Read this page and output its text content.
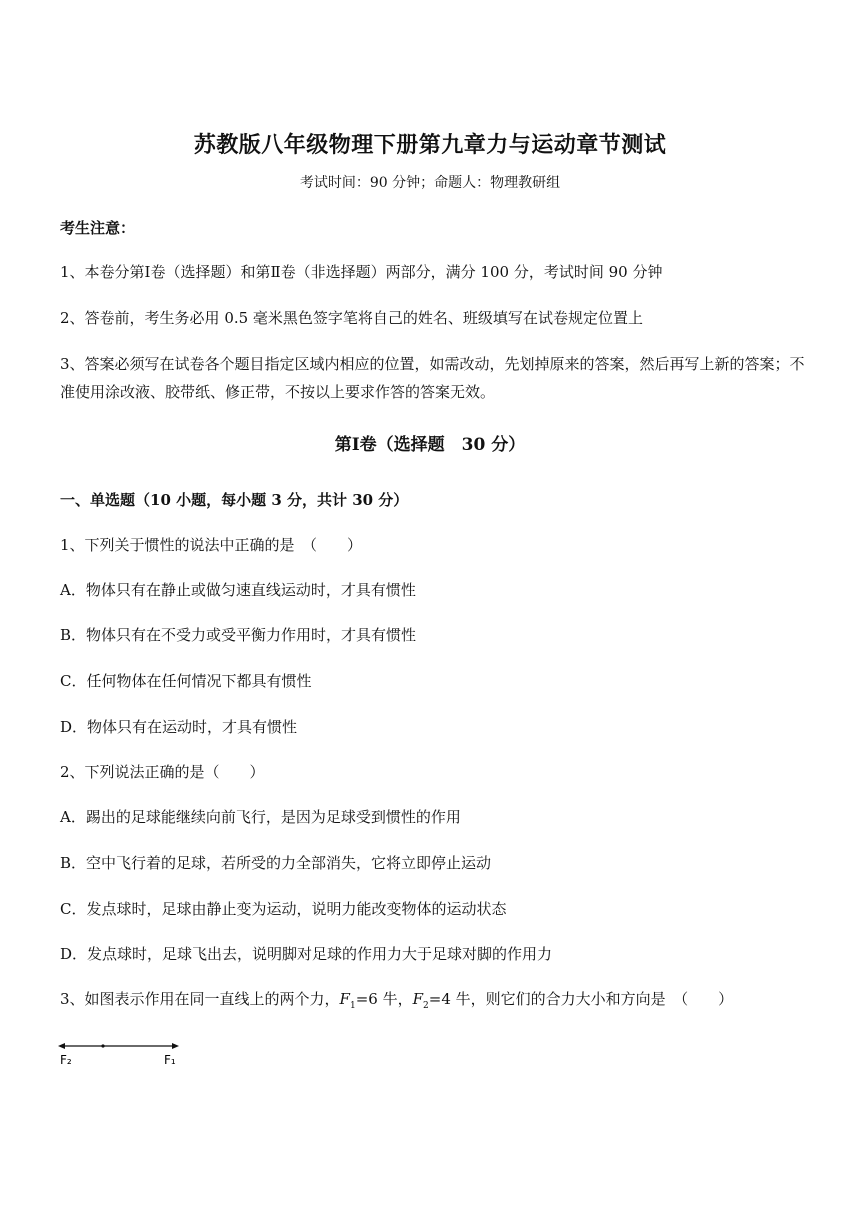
苏教版八年级物理下册第九章力与运动章节测试
考试时间：90 分钟；命题人：物理教研组
考生注意：
1、本卷分第Ⅰ卷（选择题）和第Ⅱ卷（非选择题）两部分，满分 100 分，考试时间 90 分钟
2、答卷前，考生务必用 0.5 毫米黑色签字笔将自己的姓名、班级填写在试卷规定位置上
3、答案必须写在试卷各个题目指定区域内相应的位置，如需改动，先划掉原来的答案，然后再写上新的答案；不准使用涂改液、胶带纸、修正带，不按以上要求作答的答案无效。
第Ⅰ卷（选择题　30 分）
一、单选题（10 小题，每小题 3 分，共计 30 分）
1、下列关于惯性的说法中正确的是　（　　）
A．物体只有在静止或做匀速直线运动时，才具有惯性
B．物体只有在不受力或受平衡力作用时，才具有惯性
C．任何物体在任何情况下都具有惯性
D．物体只有在运动时，才具有惯性
2、下列说法正确的是（　　）
A．踢出的足球能继续向前飞行，是因为足球受到惯性的作用
B．空中飞行着的足球，若所受的力全部消失，它将立即停止运动
C．发点球时，足球由静止变为运动，说明力能改变物体的运动状态
D．发点球时，足球飞出去，说明脚对足球的作用力大于足球对脚的作用力
3、如图表示作用在同一直线上的两个力，$F_1=6$ 牛，$F_2=4$ 牛，则它们的合力大小和方向是　（　　）
F₂	F₁
